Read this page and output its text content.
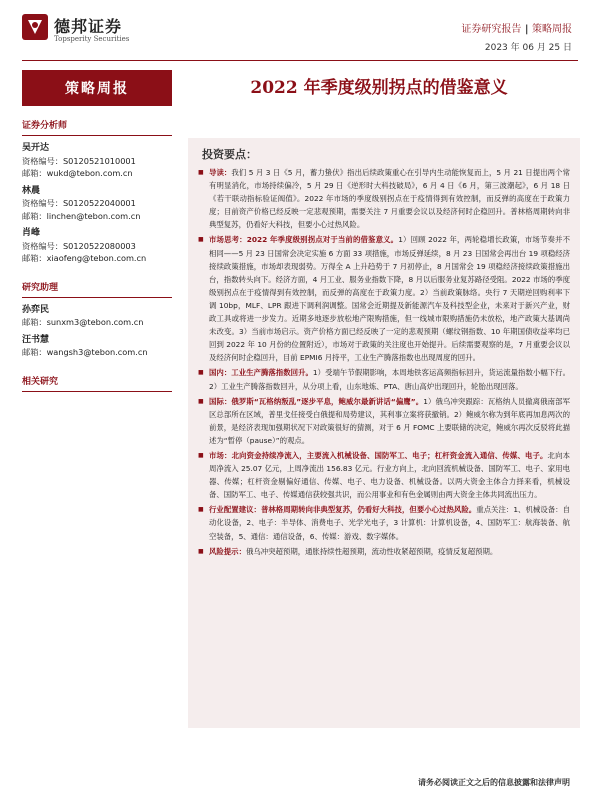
德邦证券
Topsperity Securities
证券研究报告 | 策略周报
2023 年 06 月 25 日
策略周报	2022 年季度级别拐点的借鉴意义
证券分析师
吴开达
资格编号：S0120521010001
邮箱：wukd@tebon.com.cn
林晨
资格编号：S0120522040001
邮箱：linchen@tebon.com.cn
肖峰
资格编号：S0120522080003
邮箱：xiaofeng@tebon.com.cn
研究助理
孙弈民
邮箱：sunxm3@tebon.com.cn
汪书慧
邮箱：wangsh3@tebon.com.cn
相关研究
投资要点：
■ 导读：我们 5 月 3 日《5 月，蓄力蛰伏》指出后续政策重心在引导内生动能恢复而上，5 月 21 日提出两个常有明显消化，市场持续偏冷，5 月 29 日《逆形时大科技破局》，6 月 4 日《6 月，第三波潮起》，6 月 18 日《若干联动指标验证阀值》。2022 年市场的季度级别拐点在于疫情得到有效控制，而反弹的高度在于政策力度；目前资产价格已经反映一定悲观预期，需要关注 7 月重要会议以及经济何时企稳回升。普林格周期转向非典型复苏，仍看好大科技，但要小心过热风险。
■ 市场思考：2022 年季度级别拐点对于当前的借鉴意义。1）回顾 2022 年，两轮稳增长政策，市场节奏并不相同——5 月 23 日国常会决定实施 6 方面 33 项措施，市场反弹延续，8 月 23 日国常会再出台 19 项稳经济接续政策措施，市场却表现弱势。万得全 A 上升趋势于 7 月初停止，8 月国常会 19 项稳经济接续政策措施出台，指数转头向下。经济方面，4 月工业、服务业指数下降，8 月以后服务业复苏路径受阻。2022 市场的季度级别拐点在于疫情得到有效控制，而反弹的高度在于政策力度。2）当前政策脉络。央行 7 天期逆回购利率下调 10bp，MLF、LPR 跟进下调利润调整。国常会近期提及新能源汽车及科技型企业，未来对于新兴产业，财政工具或将进一步发力。近期多地逐步放松地产限购措施，但一线城市限购措施仍未放松，地产政策大基调尚未改变。3）当前市场启示。资产价格方面已经反映了一定的悲观预期（螺纹钢指数、10 年期国债收益率均已回到 2022 年 10 月份的位置附近），市场对于政策的关注度也开始提升。后续需要观察的是，7 月重要会议以及经济何时企稳回升，目前 EPMI6 月持平，工业生产腾落指数也出现周度的回升。
■ 国内：工业生产腾落指数回升。1）受端午节假期影响，本周地铁客运高频指标回升，货运流量指数小幅下行。2）工业生产腾落指数回升，从分项上看，山东地炼、PTA、唐山高炉出现回升，轮胎出现回落。
■ 国际：俄罗斯“瓦格纳叛乱”逐步平息，鲍威尔最新讲话“偏鹰”。1）俄乌冲突跟踪：瓦格纳人员撤离俄南部军区总部所在区域，普里戈任接受白俄提和局势建议，其利事立案将获撤销。2）鲍威尔称为到年底再加息两次的前景，是经济表现加强期状况下对政策很好的猜测，对于 6 月 FOMC 上要联储的决定，鲍威尔再次反驳将此描述为“暂停（pause）”的观点。
■ 市场：北向资金持续净流入，主要流入机械设备、国防军工、电子；杠杆资金流入通信、传媒、电子。北向本周净流入 25.07 亿元，上周净流出 156.83 亿元。行业方向上，北向回流机械设备、国防军工、电子、家用电器、传媒；杠杆资金剔偏好通信、传媒、电子、电力设备、机械设备。以两大资金主体合力择来看，机械设备、国防军工、电子、传媒通信获较强共识，而公用事业和有色金属则由两大资金主体共同流出压力。
■ 行业配置建议：普林格周期转向非典型复苏，仍看好大科技，但要小心过热风险。重点关注：1、机械设备：自动化设备，2、电子：半导体、消费电子、光学光电子，3 计算机：计算机设备，4、国防军工：航海装备、航空装备，5、通信：通信设备，6、传媒：游戏、数字媒体。
■ 风险提示：俄乌冲突超预期，通胀持续性超预期，流动性收紧超预期，疫情反复超预期。
请务必阅读正文之后的信息披露和法律声明
